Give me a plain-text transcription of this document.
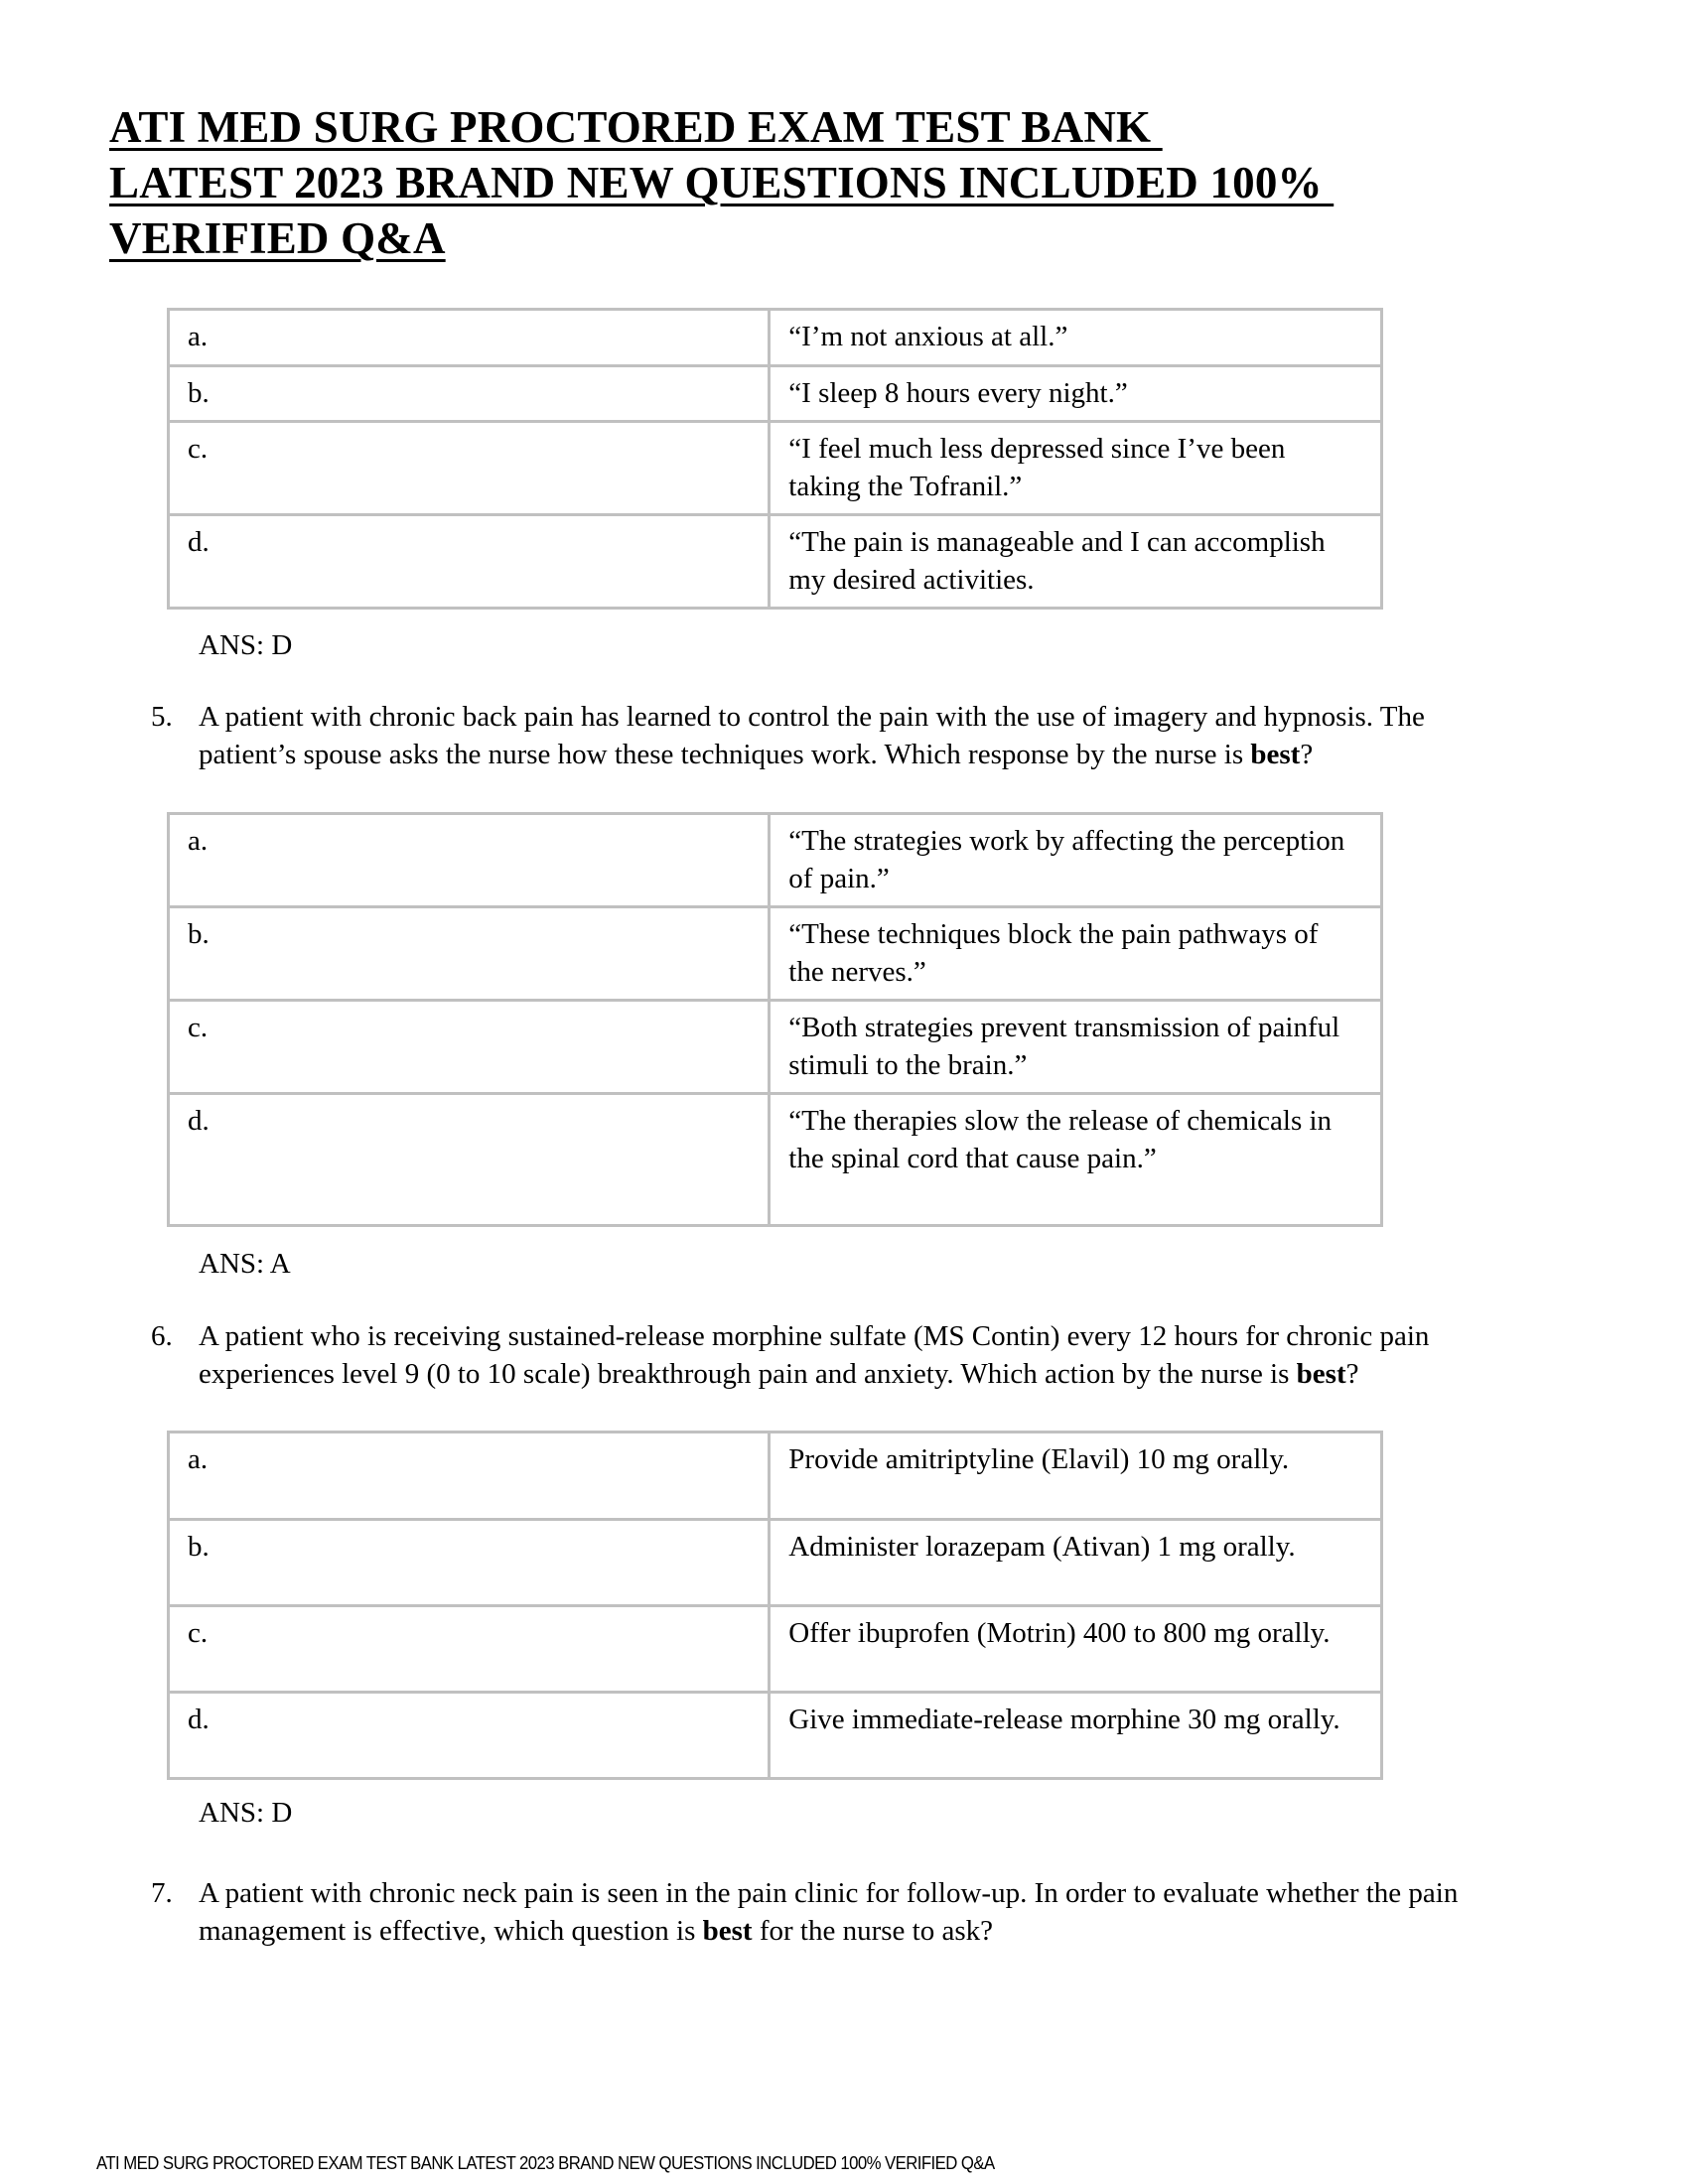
ATI MED SURG PROCTORED EXAM TEST BANK
LATEST 2023 BRAND NEW QUESTIONS INCLUDED 100%
VERIFIED Q&A
a.	“I’m not anxious at all.”
b.	“I sleep 8 hours every night.”
c.	“I feel much less depressed since I’ve been taking the Tofranil.”
d.	“The pain is manageable and I can accomplish my desired activities.
ANS: D
5. A patient with chronic back pain has learned to control the pain with the use of imagery and hypnosis. The patient’s spouse asks the nurse how these techniques work. Which response by the nurse is best?
a.	“The strategies work by affecting the perception of pain.”
b.	“These techniques block the pain pathways of the nerves.”
c.	“Both strategies prevent transmission of painful stimuli to the brain.”
d.	“The therapies slow the release of chemicals in the spinal cord that cause pain.”
ANS: A
6. A patient who is receiving sustained-release morphine sulfate (MS Contin) every 12 hours for chronic pain experiences level 9 (0 to 10 scale) breakthrough pain and anxiety. Which action by the nurse is best?
a.	Provide amitriptyline (Elavil) 10 mg orally.
b.	Administer lorazepam (Ativan) 1 mg orally.
c.	Offer ibuprofen (Motrin) 400 to 800 mg orally.
d.	Give immediate-release morphine 30 mg orally.
ANS: D
7. A patient with chronic neck pain is seen in the pain clinic for follow-up. In order to evaluate whether the pain management is effective, which question is best for the nurse to ask?
ATI MED SURG PROCTORED EXAM TEST BANK LATEST 2023 BRAND NEW QUESTIONS INCLUDED 100% VERIFIED Q&A
